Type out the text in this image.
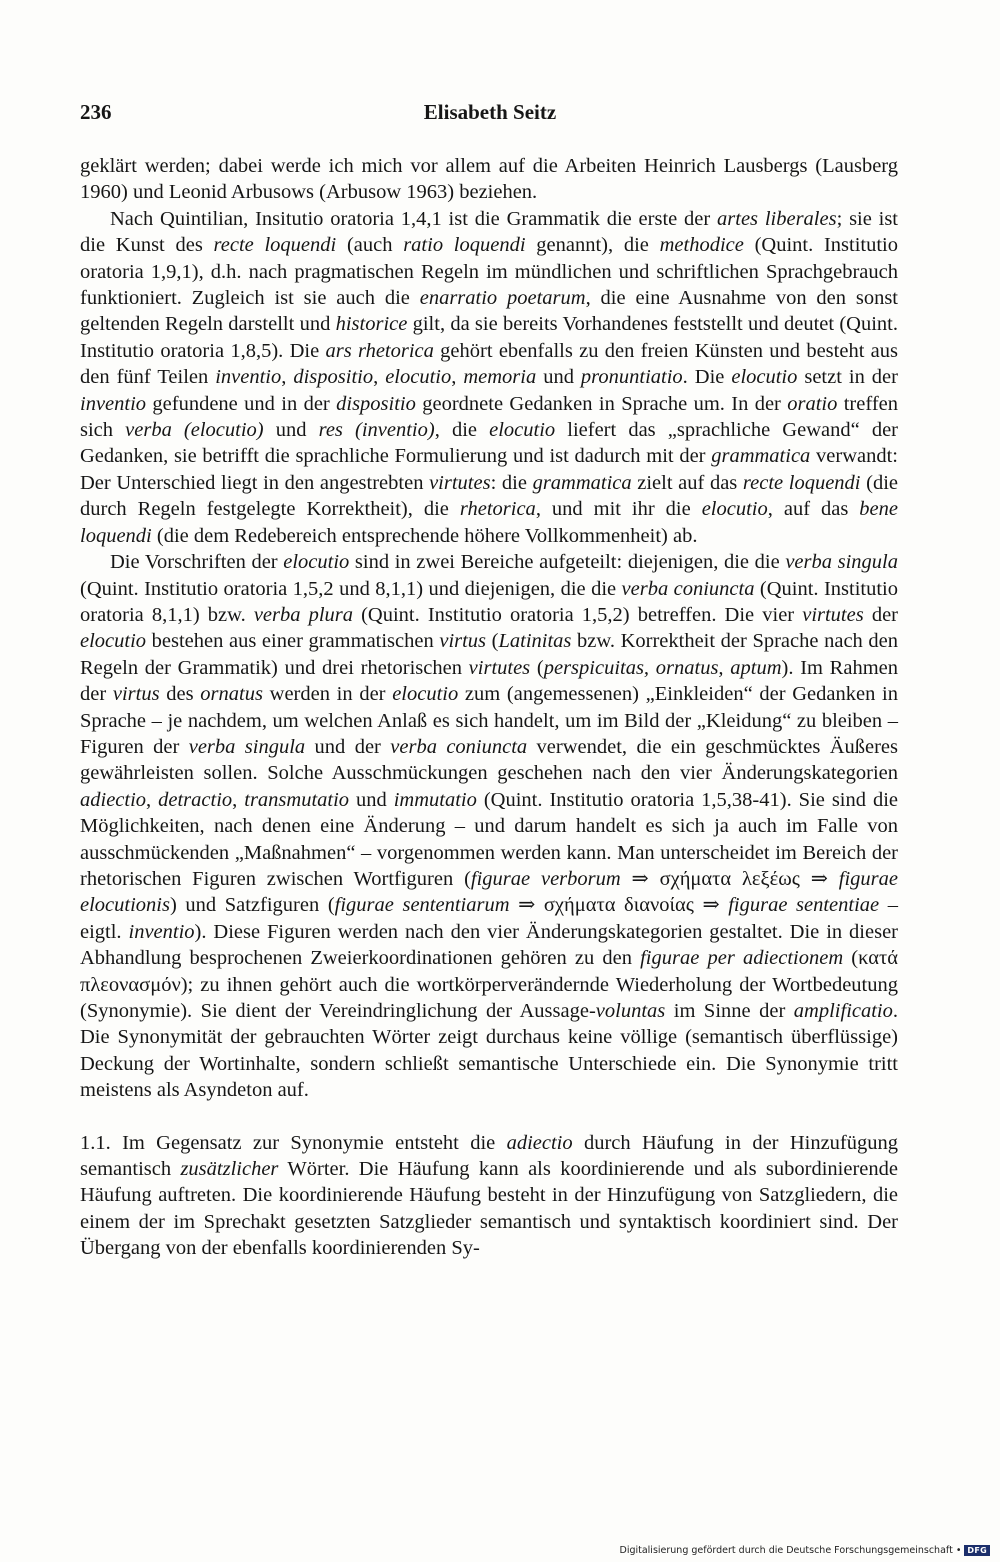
236	Elisabeth Seitz

geklärt werden; dabei werde ich mich vor allem auf die Arbeiten Heinrich Lausbergs (Lausberg 1960) und Leonid Arbusows (Arbusow 1963) beziehen.

Nach Quintilian, Insitutio oratoria 1,4,1 ist die Grammatik die erste der artes liberales; sie ist die Kunst des recte loquendi (auch ratio loquendi genannt), die methodice (Quint. Institutio oratoria 1,9,1), d.h. nach pragmatischen Regeln im mündlichen und schriftlichen Sprachgebrauch funktioniert. Zugleich ist sie auch die enarratio poetarum, die eine Ausnahme von den sonst geltenden Regeln darstellt und historice gilt, da sie bereits Vorhandenes feststellt und deutet (Quint. Institutio oratoria 1,8,5). Die ars rhetorica gehört ebenfalls zu den freien Künsten und besteht aus den fünf Teilen inventio, dispositio, elocutio, memoria und pronuntiatio. Die elocutio setzt in der inventio gefundene und in der dispositio geordnete Gedanken in Sprache um. In der oratio treffen sich verba (elocutio) und res (inventio), die elocutio liefert das „sprachliche Gewand“ der Gedanken, sie betrifft die sprachliche Formulierung und ist dadurch mit der grammatica verwandt: Der Unterschied liegt in den angestrebten virtutes: die grammatica zielt auf das recte loquendi (die durch Regeln festgelegte Korrektheit), die rhetorica, und mit ihr die elocutio, auf das bene loquendi (die dem Redebereich entsprechende höhere Vollkommenheit) ab.

Die Vorschriften der elocutio sind in zwei Bereiche aufgeteilt: diejenigen, die die verba singula (Quint. Institutio oratoria 1,5,2 und 8,1,1) und diejenigen, die die verba coniuncta (Quint. Institutio oratoria 8,1,1) bzw. verba plura (Quint. Institutio oratoria 1,5,2) betreffen. Die vier virtutes der elocutio bestehen aus einer grammatischen virtus (Latinitas bzw. Korrektheit der Sprache nach den Regeln der Grammatik) und drei rhetorischen virtutes (perspicuitas, ornatus, aptum). Im Rahmen der virtus des ornatus werden in der elocutio zum (angemessenen) „Einkleiden“ der Gedanken in Sprache – je nachdem, um welchen Anlaß es sich handelt, um im Bild der „Kleidung“ zu bleiben – Figuren der verba singula und der verba coniuncta verwendet, die ein geschmücktes Äußeres gewährleisten sollen. Solche Ausschmückungen geschehen nach den vier Änderungskategorien adiectio, detractio, transmutatio und immutatio (Quint. Institutio oratoria 1,5,38-41). Sie sind die Möglichkeiten, nach denen eine Änderung – und darum handelt es sich ja auch im Falle von ausschmückenden „Maßnahmen“ – vorgenommen werden kann. Man unterscheidet im Bereich der rhetorischen Figuren zwischen Wortfiguren (figurae verborum ⇒ σχήματα λεξέως ⇒ figurae elocutionis) und Satzfiguren (figurae sententiarum ⇒ σχήματα διανοίας ⇒ figurae sententiae – eigtl. inventio). Diese Figuren werden nach den vier Änderungskategorien gestaltet. Die in dieser Abhandlung besprochenen Zweierkoordinationen gehören zu den figurae per adiectionem (κατά πλεονασμόν); zu ihnen gehört auch die wortkörperverändernde Wiederholung der Wortbedeutung (Synonymie). Sie dient der Vereindringlichung der Aussage-voluntas im Sinne der amplificatio. Die Synonymität der gebrauchten Wörter zeigt durchaus keine völlige (semantisch überflüssige) Deckung der Wortinhalte, sondern schließt semantische Unterschiede ein. Die Synonymie tritt meistens als Asyndeton auf.

1.1. Im Gegensatz zur Synonymie entsteht die adiectio durch Häufung in der Hinzufügung semantisch zusätzlicher Wörter. Die Häufung kann als koordinierende und als subordinierende Häufung auftreten. Die koordinierende Häufung besteht in der Hinzufügung von Satzgliedern, die einem der im Sprechakt gesetzten Satzglieder semantisch und syntaktisch koordiniert sind. Der Übergang von der ebenfalls koordinierenden Sy-

Digitalisierung gefördert durch die Deutsche Forschungsgemeinschaft • DFG
